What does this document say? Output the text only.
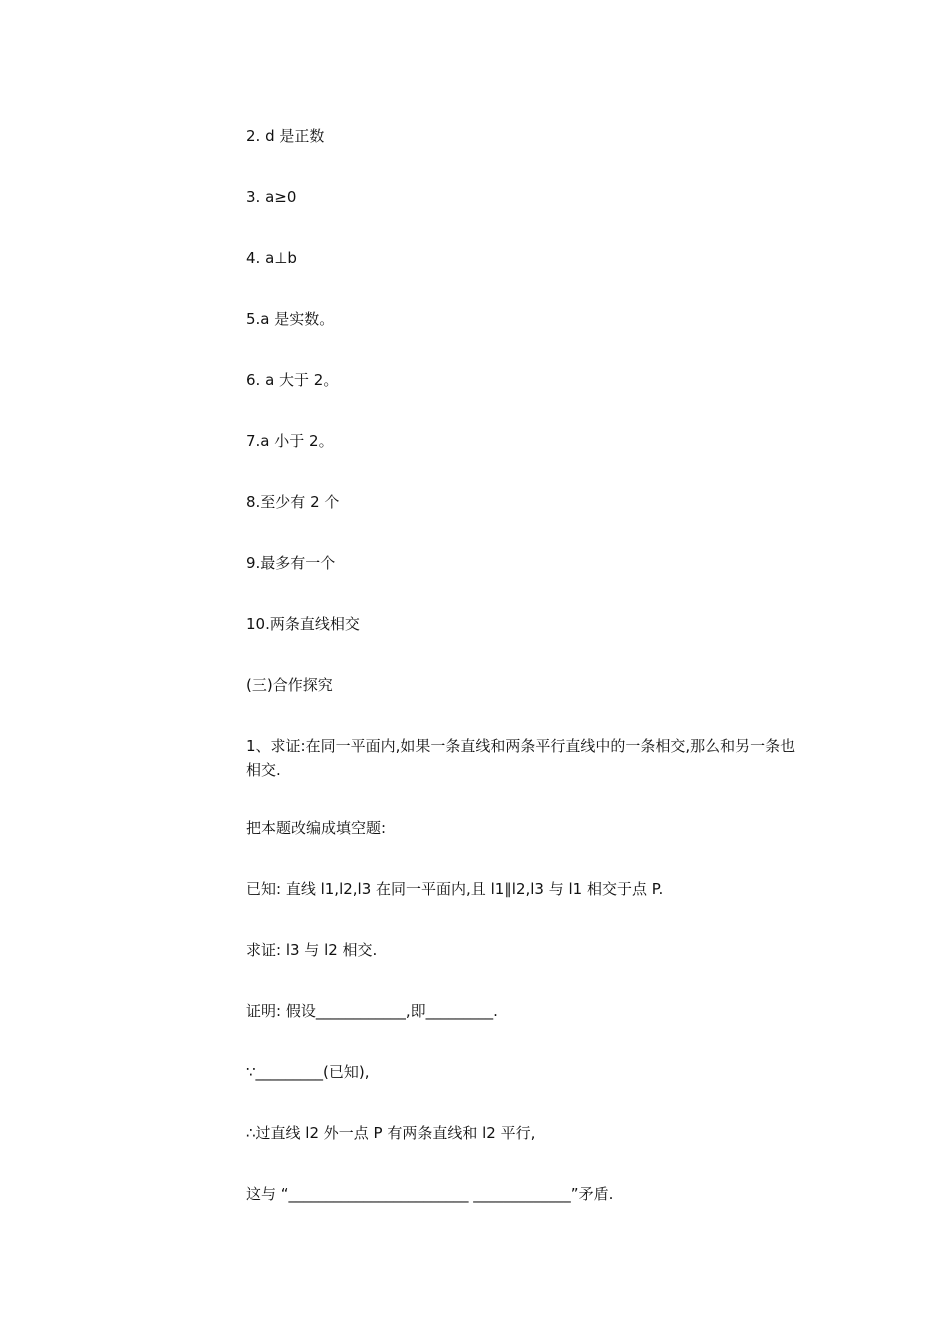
2. d 是正数

3. a≥0

4. a⊥b

5.a 是实数。

6. a 大于 2。

7.a 小于 2。

8.至少有 2 个

9.最多有一个

10.两条直线相交

(三)合作探究

1、求证:在同一平面内,如果一条直线和两条平行直线中的一条相交,那么和另一条也相交.

把本题改编成填空题:

已知: 直线 l1,l2,l3 在同一平面内,且 l1∥l2,l3 与 l1 相交于点 P.

求证: l3 与 l2 相交.

证明: 假设____________,即_________.

∵_________(已知),

∴过直线 l2 外一点 P 有两条直线和 l2 平行,

这与 “________________________ _____________”矛盾.
